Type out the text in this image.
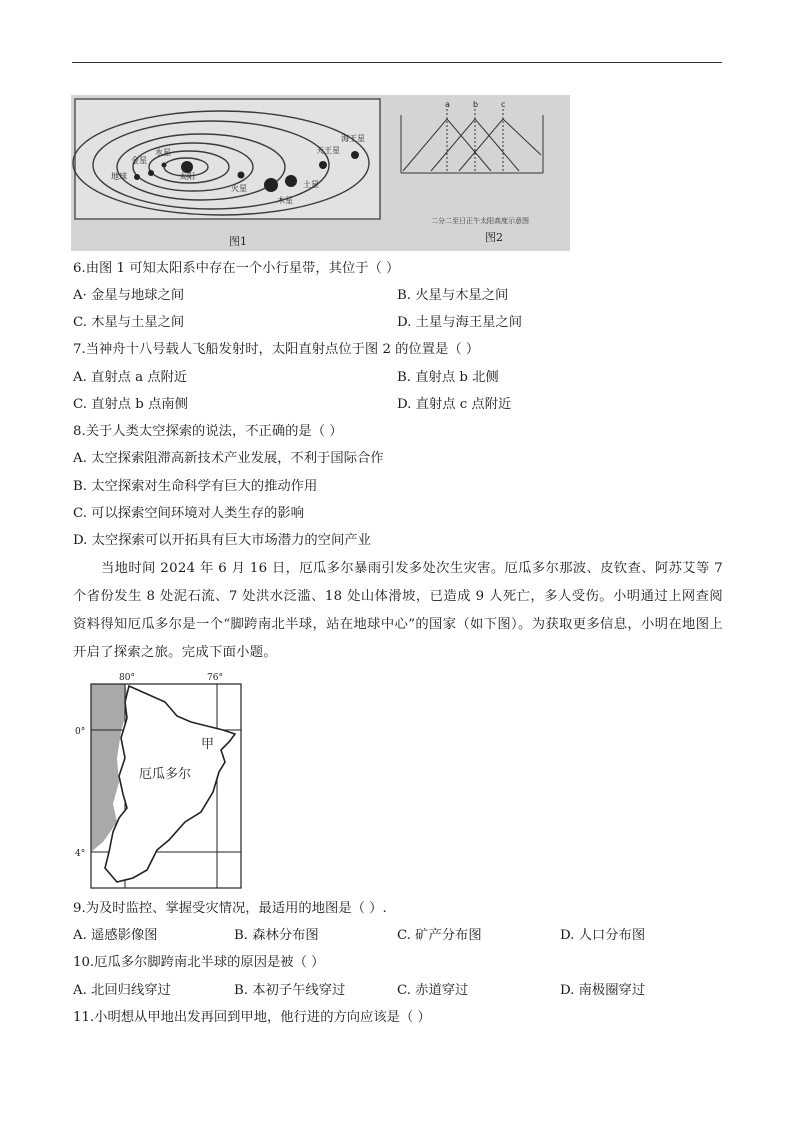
水星
金星
地球
火星
木星
土星
天王星
海王星
太阳
图1
a	b	c
二分二至日正午太阳高度示意图
图2
6.由图 1 可知太阳系中存在一个小行星带，其位于（ ）
A· 金星与地球之间	B. 火星与木星之间
C. 木星与土星之间	D. 土星与海王星之间
7.当神舟十八号载人飞船发射时，太阳直射点位于图 2 的位置是（ ）
A. 直射点 a 点附近	B. 直射点 b 北侧
C. 直射点 b 点南侧	D. 直射点 c 点附近
8.关于人类太空探索的说法，不正确的是（ ）
A. 太空探索阻滞高新技术产业发展，不利于国际合作
B. 太空探索对生命科学有巨大的推动作用
C. 可以探索空间环境对人类生存的影响
D. 太空探索可以开拓具有巨大市场潜力的空间产业
当地时间 2024 年 6 月 16 日，厄瓜多尔暴雨引发多处次生灾害。厄瓜多尔那波、皮钦查、阿苏艾等 7 个省份发生 8 处泥石流、7 处洪水泛滥、18 处山体滑坡，已造成 9 人死亡，多人受伤。小明通过上网查阅资料得知厄瓜多尔是一个“脚跨南北半球，站在地球中心”的国家（如下图）。为获取更多信息，小明在地图上开启了探索之旅。完成下面小题。
80°	76°
0°
4°
厄瓜多尔
甲
9.为及时监控、掌握受灾情况，最适用的地图是（ ）.
A. 遥感影像图	B. 森林分布图	C. 矿产分布图	D. 人口分布图
10.厄瓜多尔脚跨南北半球的原因是被（ ）
A. 北回归线穿过	B. 本初子午线穿过	C. 赤道穿过	D. 南极圈穿过
11.小明想从甲地出发再回到甲地，他行进的方向应该是（ ）
